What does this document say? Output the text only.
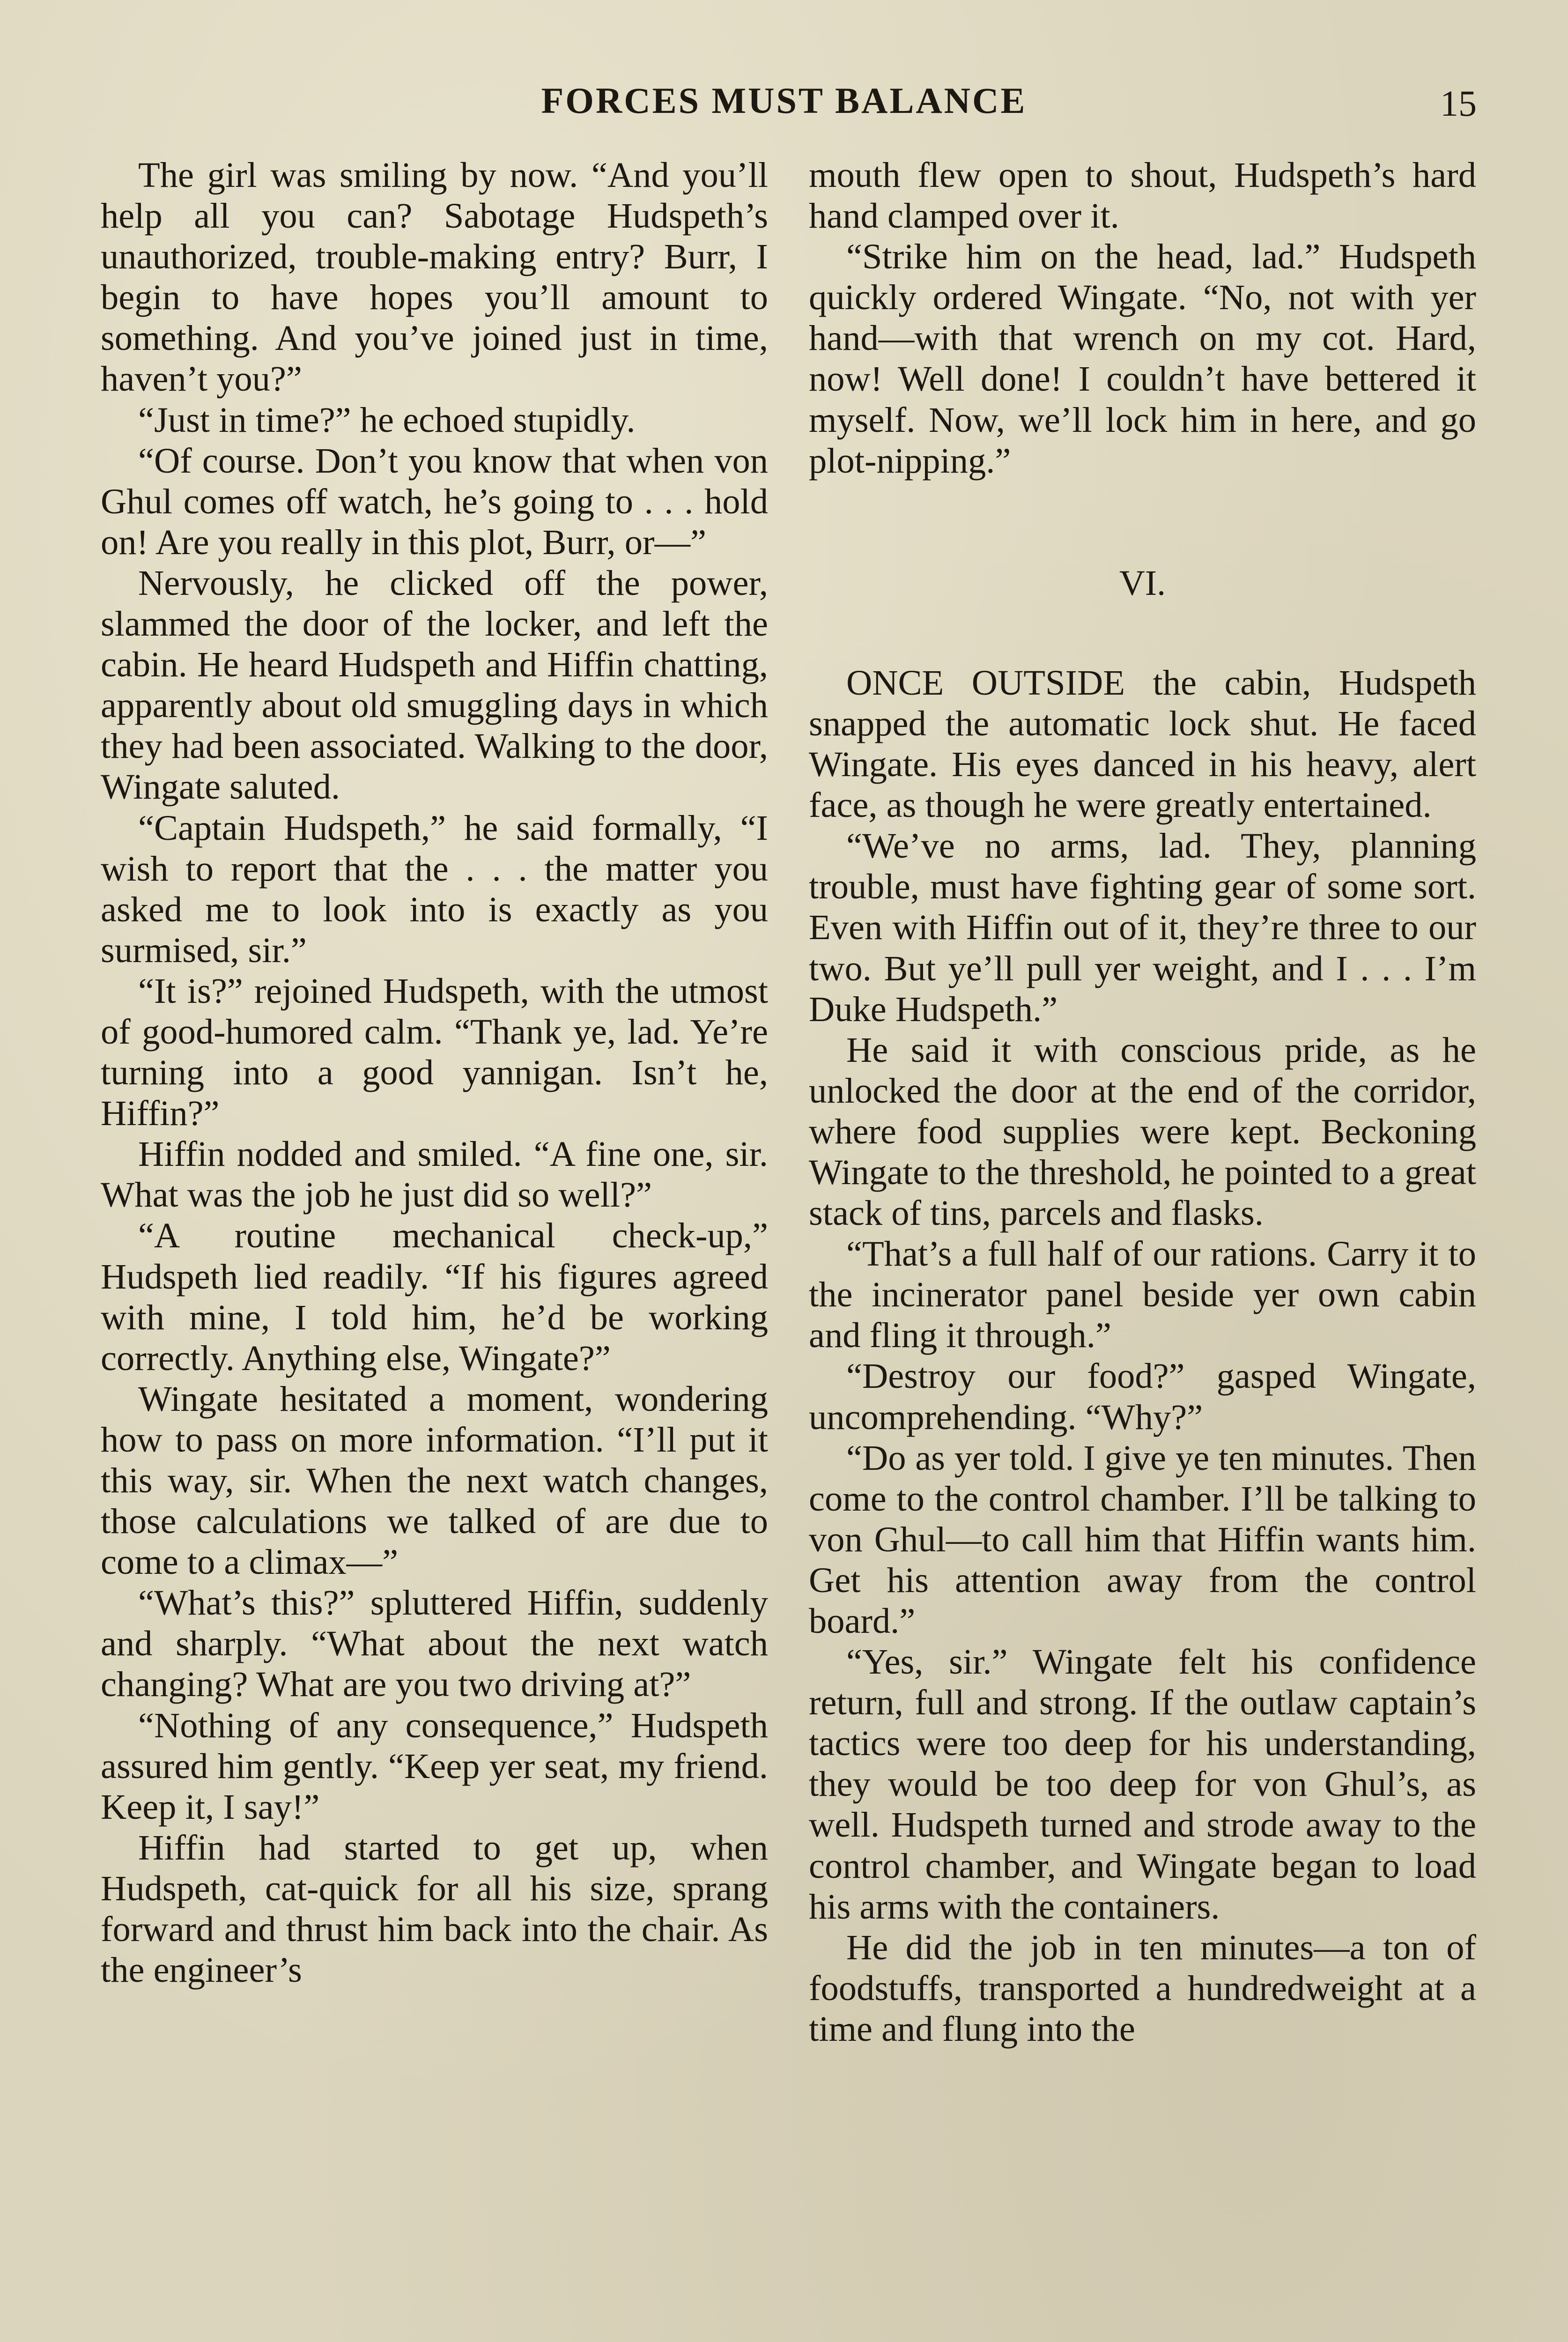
FORCES MUST BALANCE	15

The girl was smiling by now. “And you’ll help all you can? Sabotage Hudspeth’s unauthorized, trouble-making entry? Burr, I begin to have hopes you’ll amount to something. And you’ve joined just in time, haven’t you?”

“Just in time?” he echoed stupidly.

“Of course. Don’t you know that when von Ghul comes off watch, he’s going to . . . hold on! Are you really in this plot, Burr, or—”

Nervously, he clicked off the power, slammed the door of the locker, and left the cabin. He heard Hudspeth and Hiffin chatting, apparently about old smuggling days in which they had been associated. Walking to the door, Wingate saluted.

“Captain Hudspeth,” he said formally, “I wish to report that the . . . the matter you asked me to look into is exactly as you surmised, sir.”

“It is?” rejoined Hudspeth, with the utmost of good-humored calm. “Thank ye, lad. Ye’re turning into a good yannigan. Isn’t he, Hiffin?”

Hiffin nodded and smiled. “A fine one, sir. What was the job he just did so well?”

“A routine mechanical check-up,” Hudspeth lied readily. “If his figures agreed with mine, I told him, he’d be working correctly. Anything else, Wingate?”

Wingate hesitated a moment, wondering how to pass on more information. “I’ll put it this way, sir. When the next watch changes, those calculations we talked of are due to come to a climax—”

“What’s this?” spluttered Hiffin, suddenly and sharply. “What about the next watch changing? What are you two driving at?”

“Nothing of any consequence,” Hudspeth assured him gently. “Keep yer seat, my friend. Keep it, I say!”

Hiffin had started to get up, when Hudspeth, cat-quick for all his size, sprang forward and thrust him back into the chair. As the engineer’s

mouth flew open to shout, Hudspeth’s hard hand clamped over it.

“Strike him on the head, lad.” Hudspeth quickly ordered Wingate. “No, not with yer hand—with that wrench on my cot. Hard, now! Well done! I couldn’t have bettered it myself. Now, we’ll lock him in here, and go plot-nipping.”

VI.

ONCE OUTSIDE the cabin, Hudspeth snapped the automatic lock shut. He faced Wingate. His eyes danced in his heavy, alert face, as though he were greatly entertained.

“We’ve no arms, lad. They, planning trouble, must have fighting gear of some sort. Even with Hiffin out of it, they’re three to our two. But ye’ll pull yer weight, and I . . . I’m Duke Hudspeth.”

He said it with conscious pride, as he unlocked the door at the end of the corridor, where food supplies were kept. Beckoning Wingate to the threshold, he pointed to a great stack of tins, parcels and flasks.

“That’s a full half of our rations. Carry it to the incinerator panel beside yer own cabin and fling it through.”

“Destroy our food?” gasped Wingate, uncomprehending. “Why?”

“Do as yer told. I give ye ten minutes. Then come to the control chamber. I’ll be talking to von Ghul—to call him that Hiffin wants him. Get his attention away from the control board.”

“Yes, sir.” Wingate felt his confidence return, full and strong. If the outlaw captain’s tactics were too deep for his understanding, they would be too deep for von Ghul’s, as well. Hudspeth turned and strode away to the control chamber, and Wingate began to load his arms with the containers.

He did the job in ten minutes—a ton of foodstuffs, transported a hundredweight at a time and flung into the
